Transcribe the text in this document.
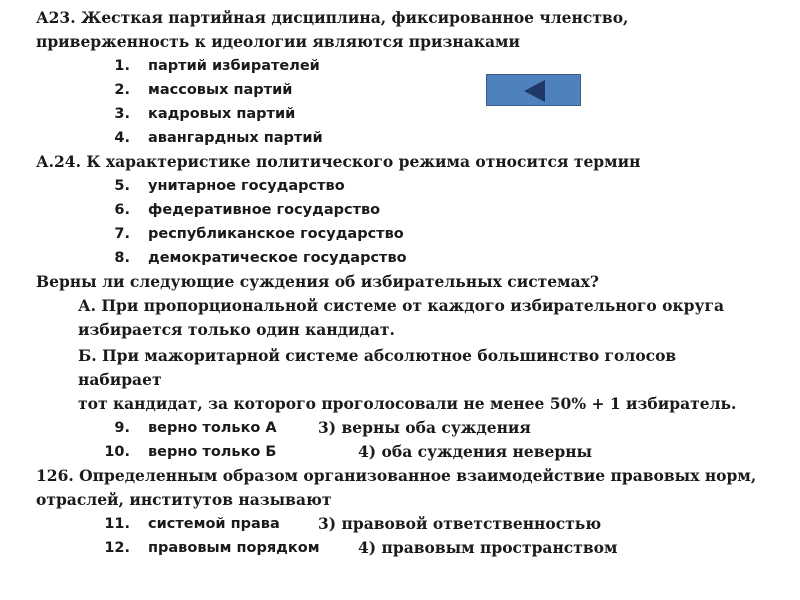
А23. Жесткая партийная дисциплина, фиксированное членство,
приверженность к идеологии являются признаками
1. партий избирателей
2. массовых партий
3. кадровых партий
4. авангардных партий
А.24. К характеристике политического режима относится термин
5. унитарное государство
6. федеративное государство
7. республиканское государство
8. демократическое государство
Верны ли следующие суждения об избирательных системах?
А. При пропорциональной системе от каждого избирательного округа
избирается только один кандидат.
Б. При мажоритарной системе абсолютное большинство голосов
набирает
тот кандидат, за которого проголосовали не менее 50% + 1 избиратель.
9. верно только А	3) верны оба суждения
10. верно только Б	4) оба суждения неверны
126. Определенным образом организованное взаимодействие правовых норм,
отраслей, институтов называют
11. системой права 3) правовой ответственностью
12. правовым порядком 4) правовым пространством
